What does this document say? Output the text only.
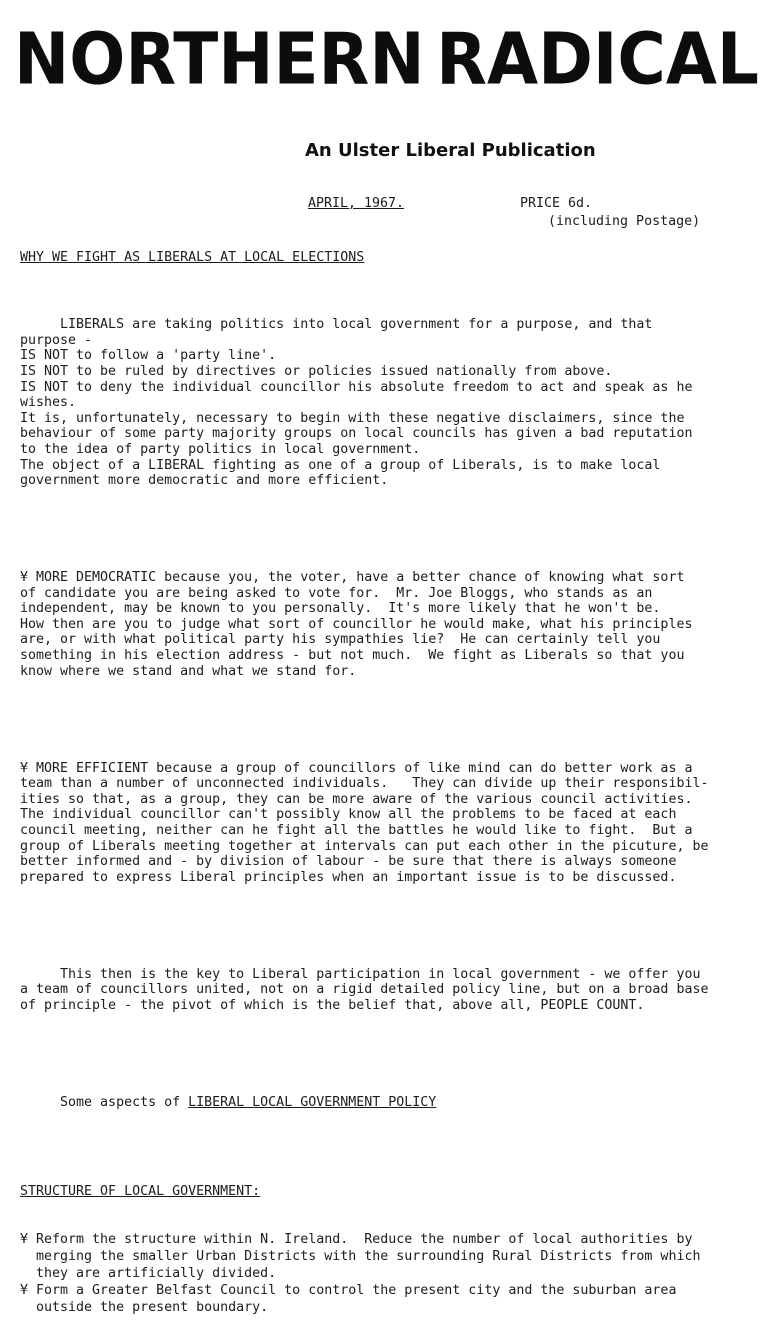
NORTHERN RADICAL
An Ulster Liberal Publication
APRIL, 1967.	PRICE 6d.
(including Postage)
WHY WE FIGHT AS LIBERALS AT LOCAL ELECTIONS

LIBERALS are taking politics into local government for a purpose, and that
purpose -
IS NOT to follow a 'party line'.
IS NOT to be ruled by directives or policies issued nationally from above.
IS NOT to deny the individual councillor his absolute freedom to act and speak as he
wishes.
It is, unfortunately, necessary to begin with these negative disclaimers, since the
behaviour of some party majority groups on local councils has given a bad reputation
to the idea of party politics in local government.
The object of a LIBERAL fighting as one of a group of Liberals, is to make local
government more democratic and more efficient.

¥ MORE DEMOCRATIC because you, the voter, have a better chance of knowing what sort
of candidate you are being asked to vote for.  Mr. Joe Bloggs, who stands as an
independent, may be known to you personally.  It's more likely that he won't be.
How then are you to judge what sort of councillor he would make, what his principles
are, or with what political party his sympathies lie?  He can certainly tell you
something in his election address - but not much.  We fight as Liberals so that you
know where we stand and what we stand for.

¥ MORE EFFICIENT because a group of councillors of like mind can do better work as a
team than a number of unconnected individuals.   They can divide up their responsibil-
ities so that, as a group, they can be more aware of the various council activities.
The individual councillor can't possibly know all the problems to be faced at each
council meeting, neither can he fight all the battles he would like to fight.  But a
group of Liberals meeting together at intervals can put each other in the picuture, be
better informed and - by division of labour - be sure that there is always someone
prepared to express Liberal principles when an important issue is to be discussed.

This then is the key to Liberal participation in local government - we offer you
a team of councillors united, not on a rigid detailed policy line, but on a broad base
of principle - the pivot of which is the belief that, above all, PEOPLE COUNT.

Some aspects of LIBERAL LOCAL GOVERNMENT POLICY

STRUCTURE OF LOCAL GOVERNMENT:

¥ Reform the structure within N. Ireland.  Reduce the number of local authorities by
merging the smaller Urban Districts with the surrounding Rural Districts from which
they are artificially divided.
¥ Form a Greater Belfast Council to control the present city and the suburban area
outside the present boundary.
